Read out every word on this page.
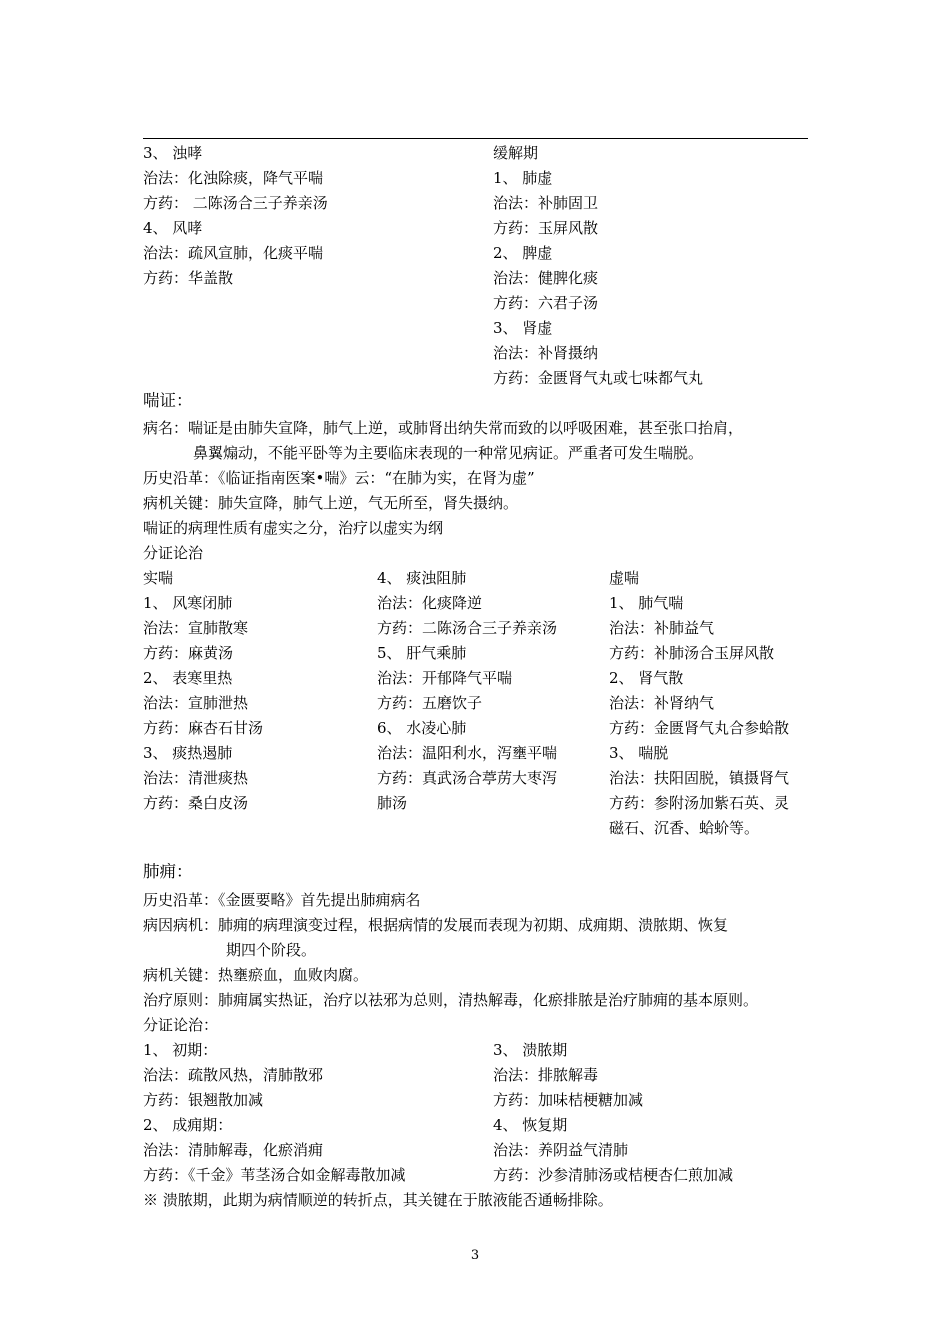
3、 浊哮
治法：化浊除痰，降气平喘
方药： 二陈汤合三子养亲汤
4、 风哮
治法：疏风宣肺，化痰平喘
方药：华盖散
缓解期
1、 肺虚
治法：补肺固卫
方药：玉屏风散
2、 脾虚
治法：健脾化痰
方药：六君子汤
3、 肾虚
治法：补肾摄纳
方药：金匮肾气丸或七味都气丸
喘证：
病名：喘证是由肺失宣降，肺气上逆，或肺肾出纳失常而致的以呼吸困难，甚至张口抬肩，
鼻翼煽动，不能平卧等为主要临床表现的一种常见病证。严重者可发生喘脱。
历史沿革：《临证指南医案•喘》云：“在肺为实，在肾为虚”
病机关键：肺失宣降，肺气上逆，气无所至，肾失摄纳。
喘证的病理性质有虚实之分，治疗以虚实为纲
分证论治
实喘
1、 风寒闭肺
治法：宣肺散寒
方药：麻黄汤
2、 表寒里热
治法：宣肺泄热
方药：麻杏石甘汤
3、 痰热遏肺
治法：清泄痰热
方药：桑白皮汤
4、 痰浊阻肺
治法：化痰降逆
方药：二陈汤合三子养亲汤
5、 肝气乘肺
治法：开郁降气平喘
方药：五磨饮子
6、 水凌心肺
治法：温阳利水，泻壅平喘
方药：真武汤合葶苈大枣泻
肺汤
虚喘
1、 肺气喘
治法：补肺益气
方药：补肺汤合玉屏风散
2、 肾气散
治法：补肾纳气
方药：金匮肾气丸合参蛤散
3、 喘脱
治法：扶阳固脱，镇摄肾气
方药：参附汤加紫石英、灵
磁石、沉香、蛤蚧等。
肺痈：
历史沿革：《金匮要略》首先提出肺痈病名
病因病机：肺痈的病理演变过程，根据病情的发展而表现为初期、成痈期、溃脓期、恢复
期四个阶段。
病机关键：热壅瘀血，血败肉腐。
治疗原则：肺痈属实热证，治疗以祛邪为总则，清热解毒，化瘀排脓是治疗肺痈的基本原则。
分证论治：
1、 初期：
治法：疏散风热，清肺散邪
方药：银翘散加减
2、 成痈期：
治法：清肺解毒，化瘀消痈
方药：《千金》苇茎汤合如金解毒散加减
3、 溃脓期
治法：排脓解毒
方药：加味桔梗糖加减
4、 恢复期
治法：养阴益气清肺
方药：沙参清肺汤或桔梗杏仁煎加减
※ 溃脓期，此期为病情顺逆的转折点，其关键在于脓液能否通畅排除。
3
